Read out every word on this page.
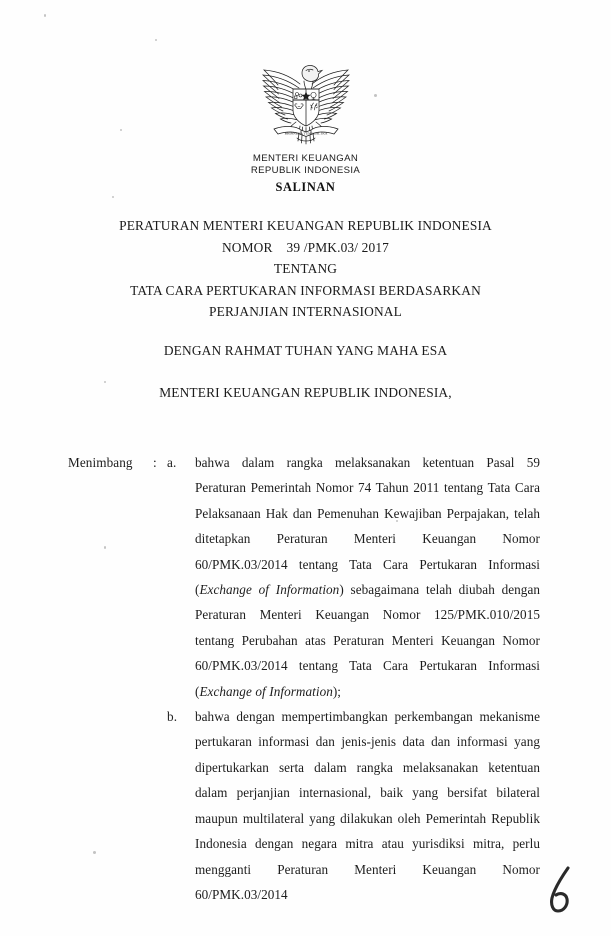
BHINNEKA TUNGGAL IKA
MENTERI KEUANGAN
REPUBLIK INDONESIA
SALINAN
PERATURAN MENTERI KEUANGAN REPUBLIK INDONESIA
NOMOR    39 /PMK.03/ 2017
TENTANG
TATA CARA PERTUKARAN INFORMASI BERDASARKAN
PERJANJIAN INTERNASIONAL
DENGAN RAHMAT TUHAN YANG MAHA ESA
MENTERI KEUANGAN REPUBLIK INDONESIA,
Menimbang	: a.	bahwa dalam rangka melaksanakan ketentuan Pasal 59 Peraturan Pemerintah Nomor 74 Tahun 2011 tentang Tata Cara Pelaksanaan Hak dan Pemenuhan Kewajiban Perpajakan, telah ditetapkan Peraturan Menteri Keuangan Nomor 60/PMK.03/2014 tentang Tata Cara Pertukaran Informasi (Exchange of Information) sebagaimana telah diubah dengan Peraturan Menteri Keuangan Nomor 125/PMK.010/2015 tentang Perubahan atas Peraturan Menteri Keuangan Nomor 60/PMK.03/2014 tentang Tata Cara Pertukaran Informasi (Exchange of Information);
b.	bahwa dengan mempertimbangkan perkembangan mekanisme pertukaran informasi dan jenis-jenis data dan informasi yang dipertukarkan serta dalam rangka melaksanakan ketentuan dalam perjanjian internasional, baik yang bersifat bilateral maupun multilateral yang dilakukan oleh Pemerintah Republik Indonesia dengan negara mitra atau yurisdiksi mitra, perlu mengganti Peraturan Menteri Keuangan Nomor 60/PMK.03/2014
